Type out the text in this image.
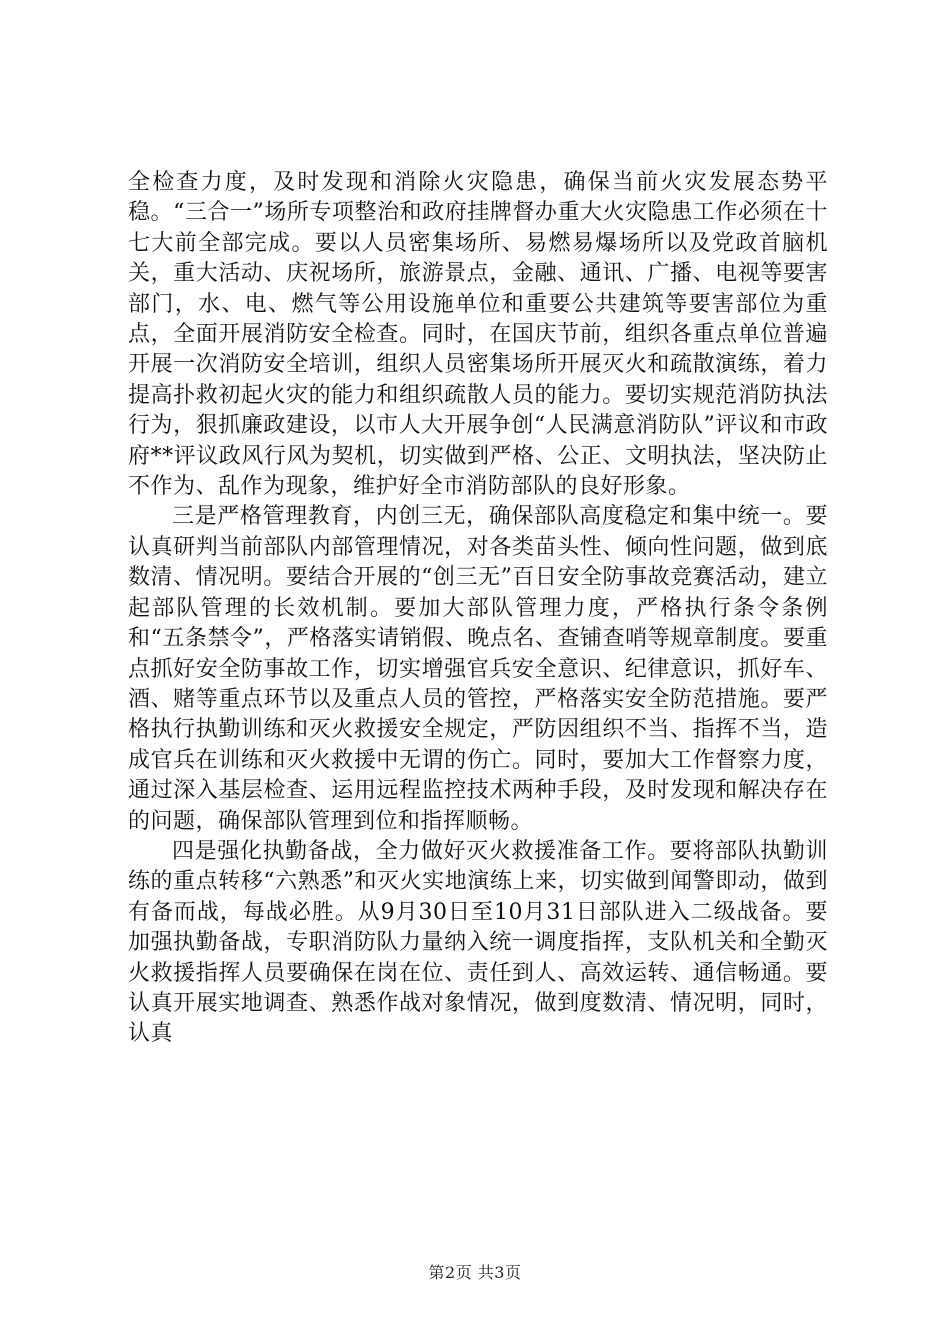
全检查力度，及时发现和消除火灾隐患，确保当前火灾发展态势平稳。“三合一”场所专项整治和政府挂牌督办重大火灾隐患工作必须在十七大前全部完成。要以人员密集场所、易燃易爆场所以及党政首脑机关，重大活动、庆祝场所，旅游景点，金融、通讯、广播、电视等要害部门，水、电、燃气等公用设施单位和重要公共建筑等要害部位为重点，全面开展消防安全检查。同时，在国庆节前，组织各重点单位普遍开展一次消防安全培训，组织人员密集场所开展灭火和疏散演练，着力提高扑救初起火灾的能力和组织疏散人员的能力。要切实规范消防执法行为，狠抓廉政建设，以市人大开展争创“人民满意消防队”评议和市政府**评议政风行风为契机，切实做到严格、公正、文明执法，坚决防止不作为、乱作为现象，维护好全市消防部队的良好形象。

三是严格管理教育，内创三无，确保部队高度稳定和集中统一。要认真研判当前部队内部管理情况，对各类苗头性、倾向性问题，做到底数清、情况明。要结合开展的“创三无”百日安全防事故竞赛活动，建立起部队管理的长效机制。要加大部队管理力度，严格执行条令条例和“五条禁令”，严格落实请销假、晚点名、查铺查哨等规章制度。要重点抓好安全防事故工作，切实增强官兵安全意识、纪律意识，抓好车、酒、赌等重点环节以及重点人员的管控，严格落实安全防范措施。要严格执行执勤训练和灭火救援安全规定，严防因组织不当、指挥不当，造成官兵在训练和灭火救援中无谓的伤亡。同时，要加大工作督察力度，通过深入基层检查、运用远程监控技术两种手段，及时发现和解决存在的问题，确保部队管理到位和指挥顺畅。

四是强化执勤备战，全力做好灭火救援准备工作。要将部队执勤训练的重点转移“六熟悉”和灭火实地演练上来，切实做到闻警即动，做到有备而战，每战必胜。从9月30日至10月31日部队进入二级战备。要加强执勤备战，专职消防队力量纳入统一调度指挥，支队机关和全勤灭火救援指挥人员要确保在岗在位、责任到人、高效运转、通信畅通。要认真开展实地调查、熟悉作战对象情况，做到度数清、情况明，同时，认真

第2页 共3页
